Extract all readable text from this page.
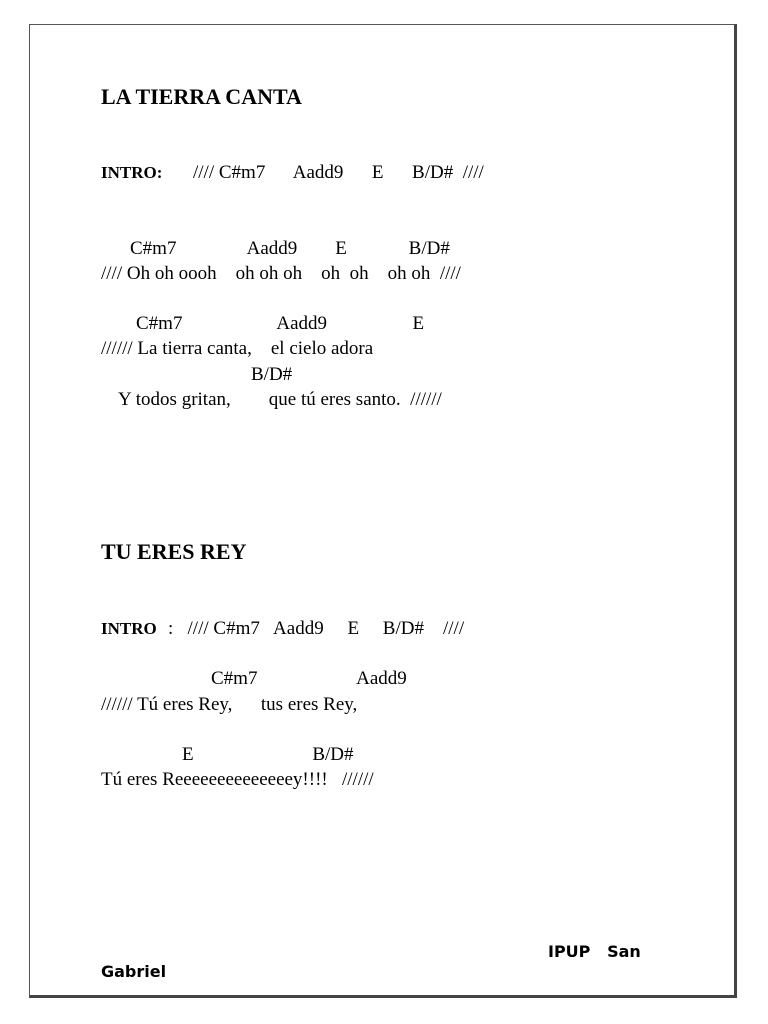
LA TIERRA CANTA
INTRO: //// C#m7      Aadd9      E      B/D#  ////
C#m7               Aadd9        E             B/D#
//// Oh oh oooh    oh oh oh    oh  oh    oh oh  ////
C#m7                    Aadd9                  E
////// La tierra canta,    el cielo adora
B/D#
Y todos gritan,        que tú eres santo.  //////
TU ERES REY
INTRO :   //// C#m7   Aadd9     E     B/D#    ////
C#m7                     Aadd9
////// Tú eres Rey,      tus eres Rey,
E                         B/D#
Tú eres Reeeeeeeeeeeeeey!!!!   //////
IPUP   San
Gabriel
